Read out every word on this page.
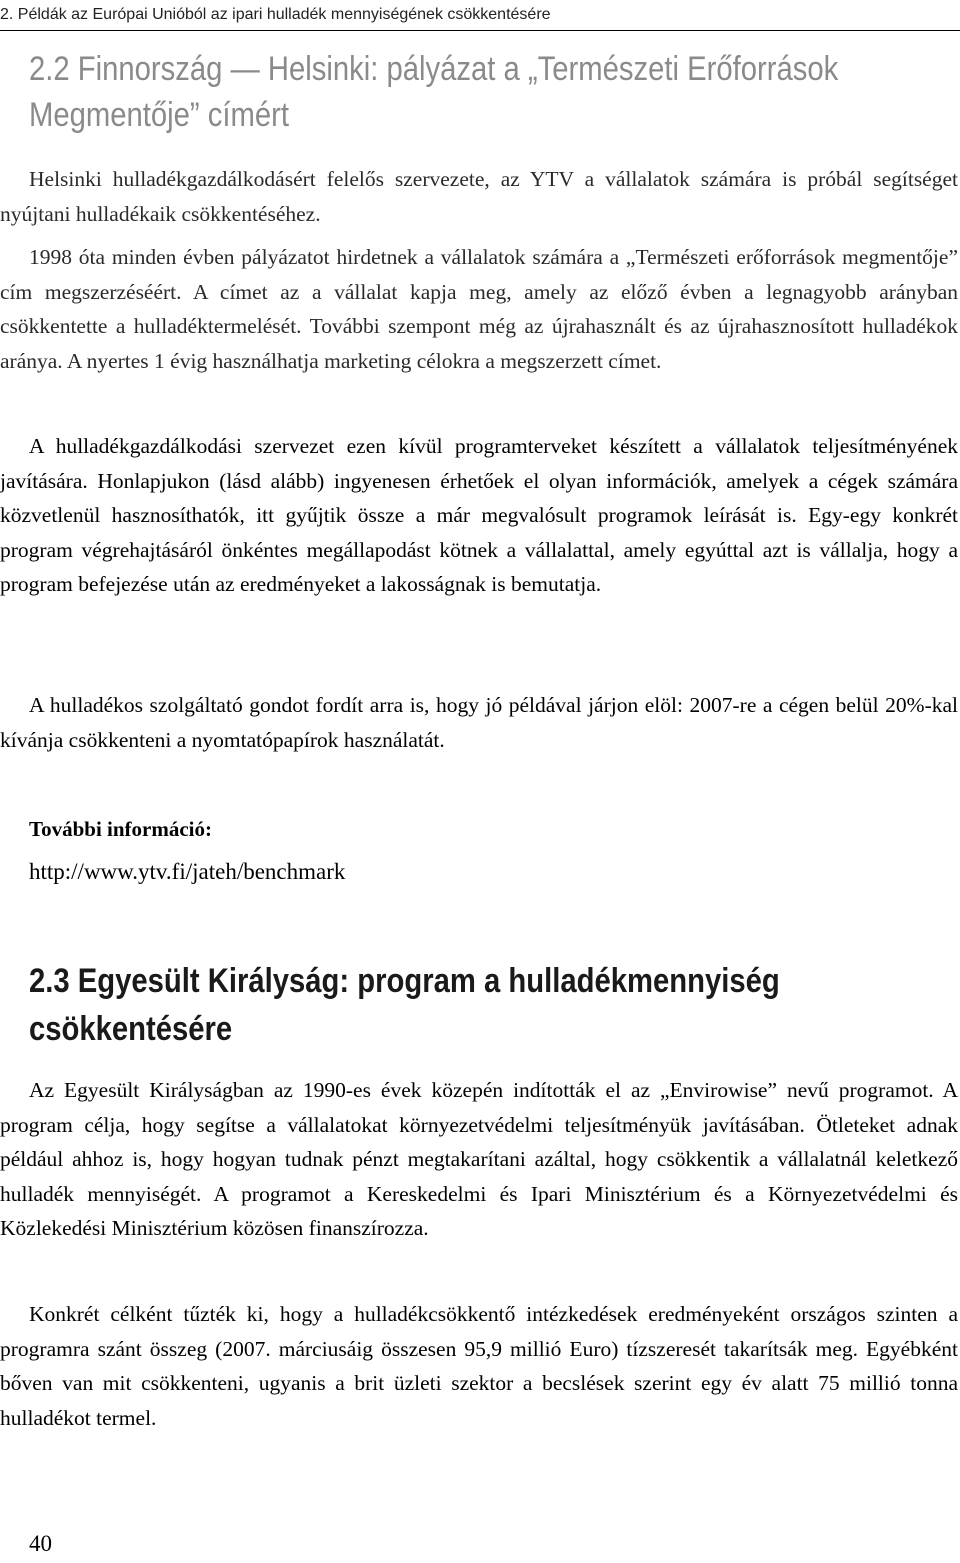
2. Példák az Európai Unióból az ipari hulladék mennyiségének csökkentésére
2.2 Finnország — Helsinki: pályázat a „Természeti Erőforrások
Megmentője” címért

Helsinki hulladékgazdálkodásért felelős szervezete, az YTV a vállalatok számára is próbál segítséget nyújtani hulladékaik csökkentéséhez.

1998 óta minden évben pályázatot hirdetnek a vállalatok számára a „Természeti erőforrások megmentője” cím megszerzéséért. A címet az a vállalat kapja meg, amely az előző évben a legnagyobb arányban csökkentette a hulladéktermelését. További szempont még az újrahasznált és az újrahasznosított hulladékok aránya. A nyertes 1 évig használhatja marketing célokra a megszerzett címet.

A hulladékgazdálkodási szervezet ezen kívül programterveket készített a vállalatok teljesítményének javítására. Honlapjukon (lásd alább) ingyenesen érhetőek el olyan információk, amelyek a cégek számára közvetlenül hasznosíthatók, itt gyűjtik össze a már megvalósult programok leírását is. Egy-egy konkrét program végrehajtásáról önkéntes megállapodást kötnek a vállalattal, amely egyúttal azt is vállalja, hogy a program befejezése után az eredményeket a lakosságnak is bemutatja.

A hulladékos szolgáltató gondot fordít arra is, hogy jó példával járjon elöl: 2007-re a cégen belül 20%-kal kívánja csökkenteni a nyomtatópapírok használatát.

További információ:

http://www.ytv.fi/jateh/benchmark

2.3 Egyesült Királyság: program a hulladékmennyiség
csökkentésére

Az Egyesült Királyságban az 1990-es évek közepén indították el az „Envirowise” nevű programot. A program célja, hogy segítse a vállalatokat környezetvédelmi teljesítményük javításában. Ötleteket adnak például ahhoz is, hogy hogyan tudnak pénzt megtakarítani azáltal, hogy csökkentik a vállalatnál keletkező hulladék mennyiségét. A programot a Kereskedelmi és Ipari Minisztérium és a Környezetvédelmi és Közlekedési Minisztérium közösen finanszírozza.

Konkrét célként tűzték ki, hogy a hulladékcsökkentő intézkedések eredményeként országos szinten a programra szánt összeg (2007. márciusáig összesen 95,9 millió Euro) tízszeresét takarítsák meg. Egyébként bőven van mit csökkenteni, ugyanis a brit üzleti szektor a becslések szerint egy év alatt 75 millió tonna hulladékot termel.

40
